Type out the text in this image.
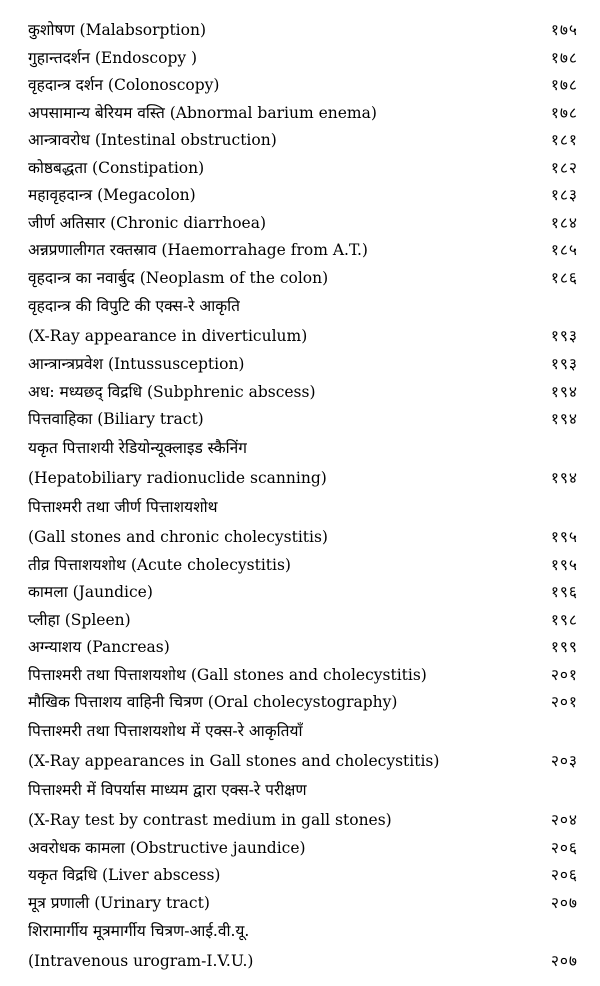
कुशोषण (Malabsorption)	१७५
गुहान्तदर्शन (Endoscopy )	१७८
वृहदान्त्र दर्शन (Colonoscopy)	१७८
अपसामान्य बेरियम वस्ति (Abnormal barium enema)	१७८
आन्त्रावरोध (Intestinal obstruction)	१८१
कोष्ठबद्धता (Constipation)	१८२
महावृहदान्त्र (Megacolon)	१८३
जीर्ण अतिसार (Chronic diarrhoea)	१८४
अन्नप्रणालीगत रक्तस्राव (Haemorrahage from A.T.)	१८५
वृहदान्त्र का नवार्बुद (Neoplasm of the colon)	१८६
वृहदान्त्र की विपुटि की एक्स-रे आकृति
(X-Ray appearance in diverticulum)	१९३
आन्त्रान्त्रप्रवेश (Intussusception)	१९३
अध: मध्यछद् विद्रधि (Subphrenic abscess)	१९४
पित्तवाहिका (Biliary tract)	१९४
यकृत पित्ताशयी रेडियोन्यूक्लाइड स्कैनिंग
(Hepatobiliary radionuclide scanning)	१९४
पित्ताश्मरी तथा जीर्ण पित्ताशयशोथ
(Gall stones and chronic cholecystitis)	१९५
तीव्र पित्ताशयशोथ (Acute cholecystitis)	१९५
कामला (Jaundice)	१९६
प्लीहा (Spleen)	१९८
अग्न्याशय (Pancreas)	१९९
पित्ताश्मरी तथा पित्ताशयशोथ (Gall stones and cholecystitis)	२०१
मौखिक पित्ताशय वाहिनी चित्रण (Oral cholecystography)	२०१
पित्ताश्मरी तथा पित्ताशयशोथ में एक्स-रे आकृतियाँ
(X-Ray appearances in Gall stones and cholecystitis)	२०३
पित्ताश्मरी में विपर्यास माध्यम द्वारा एक्स-रे परीक्षण
(X-Ray test by contrast medium in gall stones)	२०४
अवरोधक कामला (Obstructive jaundice)	२०६
यकृत विद्रधि (Liver abscess)	२०६
मूत्र प्रणाली (Urinary tract)	२०७
शिरामार्गीय मूत्रमार्गीय चित्रण-आई.वी.यू.
(Intravenous urogram-I.V.U.)	२०७
